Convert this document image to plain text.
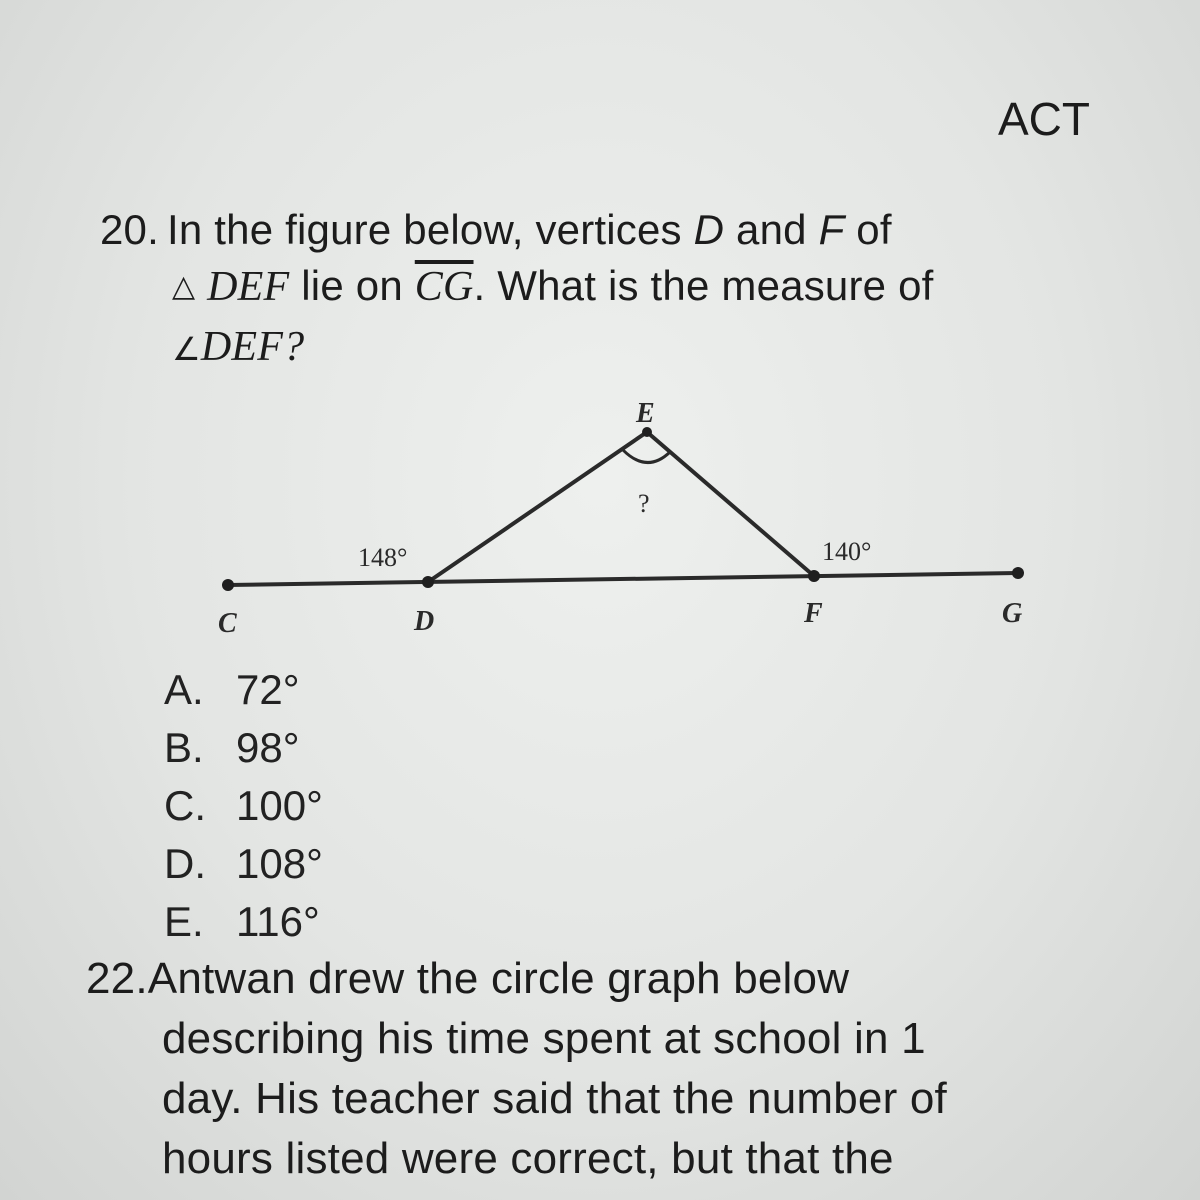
ACT
20. In the figure below, vertices D and F of
△ DEF lie on $\overline{CG}$. What is the measure of
∠DEF?
E
C	D	F	G
148°	140°
?
A. 72°
B. 98°
C. 100°
D. 108°
E. 116°
22.Antwan drew the circle graph below
describing his time spent at school in 1
day. His teacher said that the number of
hours listed were correct, but that the
